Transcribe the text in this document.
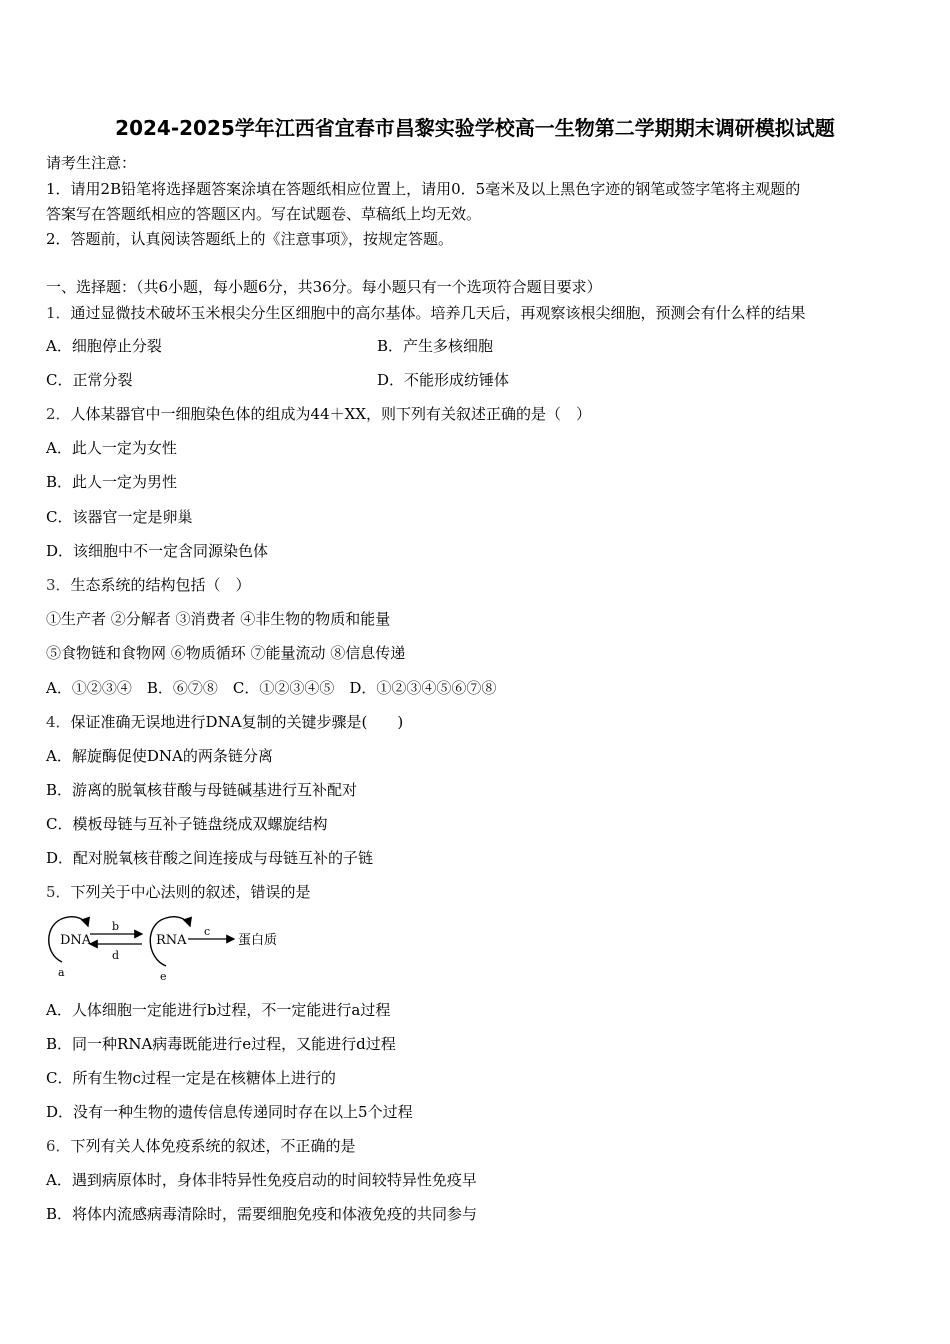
2024-2025学年江西省宜春市昌黎实验学校高一生物第二学期期末调研模拟试题
请考生注意：
1．请用2B铅笔将选择题答案涂填在答题纸相应位置上，请用0．5毫米及以上黑色字迹的钢笔或签字笔将主观题的
答案写在答题纸相应的答题区内。写在试题卷、草稿纸上均无效。
2．答题前，认真阅读答题纸上的《注意事项》，按规定答题。
一、选择题：（共6小题，每小题6分，共36分。每小题只有一个选项符合题目要求）
1．通过显微技术破坏玉米根尖分生区细胞中的高尔基体。培养几天后，再观察该根尖细胞，预测会有什么样的结果
A．细胞停止分裂	B．产生多核细胞
C．正常分裂	D．不能形成纺锤体
2．人体某器官中一细胞染色体的组成为44＋XX，则下列有关叙述正确的是（　）
A．此人一定为女性
B．此人一定为男性
C．该器官一定是卵巢
D．该细胞中不一定含同源染色体
3．生态系统的结构包括（　）
①生产者 ②分解者 ③消费者 ④非生物的物质和能量
⑤食物链和食物网 ⑥物质循环 ⑦能量流动 ⑧信息传递
A．①②③④　B．⑥⑦⑧　C．①②③④⑤　D．①②③④⑤⑥⑦⑧
4．保证准确无误地进行DNA复制的关键步骤是(　　)
A．解旋酶促使DNA的两条链分离
B．游离的脱氧核苷酸与母链碱基进行互补配对
C．模板母链与互补子链盘绕成双螺旋结构
D．配对脱氧核苷酸之间连接成与母链互补的子链
5．下列关于中心法则的叙述，错误的是
DNA
a
b
d
RNA
e
c
蛋白质
A．人体细胞一定能进行b过程，不一定能进行a过程
B．同一种RNA病毒既能进行e过程，又能进行d过程
C．所有生物c过程一定是在核糖体上进行的
D．没有一种生物的遗传信息传递同时存在以上5个过程
6．下列有关人体免疫系统的叙述，不正确的是
A．遇到病原体时，身体非特异性免疫启动的时间较特异性免疫早
B．将体内流感病毒清除时，需要细胞免疫和体液免疫的共同参与
